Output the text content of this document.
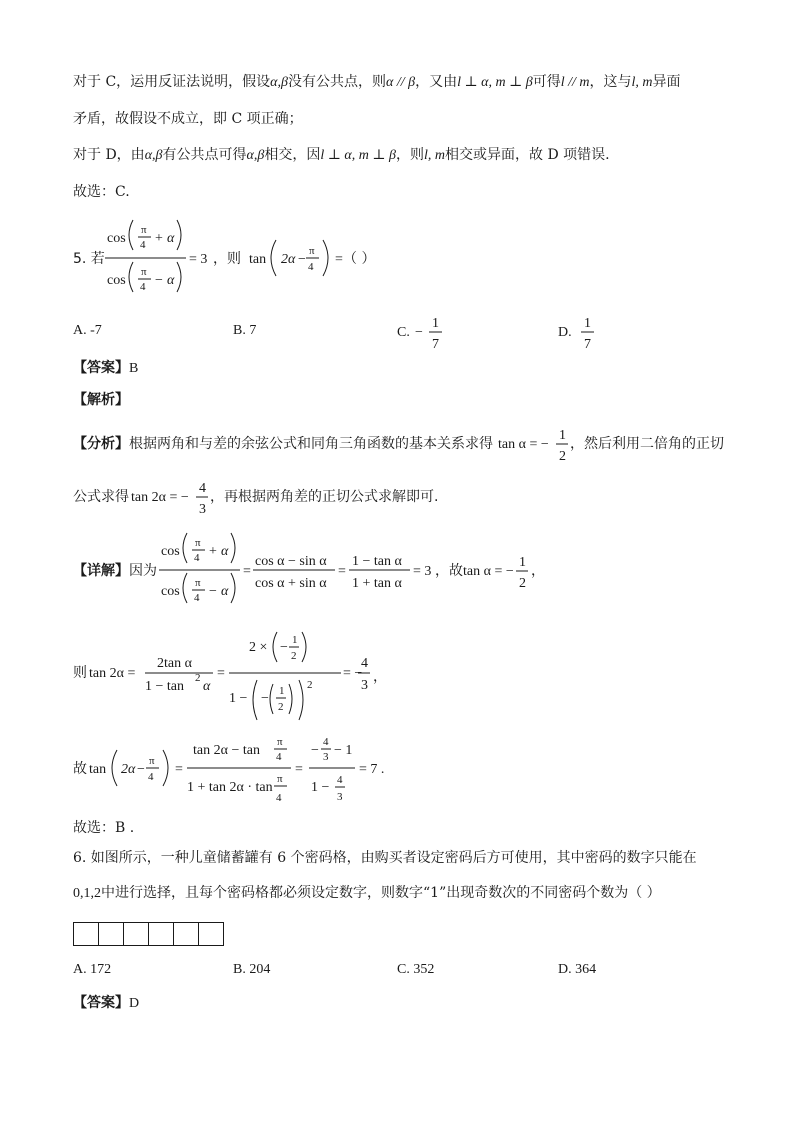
对于 C，运用反证法说明，假设α,β没有公共点，则α // β，又由l ⊥ α, m ⊥ β可得l // m，这与l, m异面
矛盾，故假设不成立，即 C 项正确；
对于 D，由α,β有公共点可得α,β相交，因l ⊥ α, m ⊥ β，则l, m相交或异面，故 D 项错误.
故选：C.
5. 若
cos
π
4 + α
cos
π
4 − α
= 3 ，则 tan 2α −
π
4 = （ ）
A. -7	B. 7	C. −
1
7
D.
1
7
【答案】B
【解析】
【分析】 根据两角和与差的余弦公式和同角三角函数的基本关系求得 tan α = −
1
2
，然后利用二倍角的正切
公式求得 tan 2α = −
4
3
，再根据两角差的正切公式求解即可.
【详解】 因为
cos
π
4 + α
cos
π
4 − α
=
cos α − sin α
cos α + sin α
=
1 − tan α
1 + tan α
= 3 ，故 tan α = −
1
2
，
则 tan 2α =
2tan α
1 − tan
2
α
=
2 × − 1
2
1 − − 1
2
2
= −
4
3
，
故 tan 2α −
π
4 =
tan 2α − tan
π
4
1 + tan 2α · tan
π
4
=
−
4
3 − 1
1 − 4
3
= 7 .
故选：B .
6. 如图所示，一种儿童储蓄罐有 6 个密码格，由购买者设定密码后方可使用，其中密码的数字只能在
0,1,2中进行选择，且每个密码格都必须设定数字，则数字“1”出现奇数次的不同密码个数为（ ）
A. 172	B. 204	C. 352	D. 364
【答案】D
